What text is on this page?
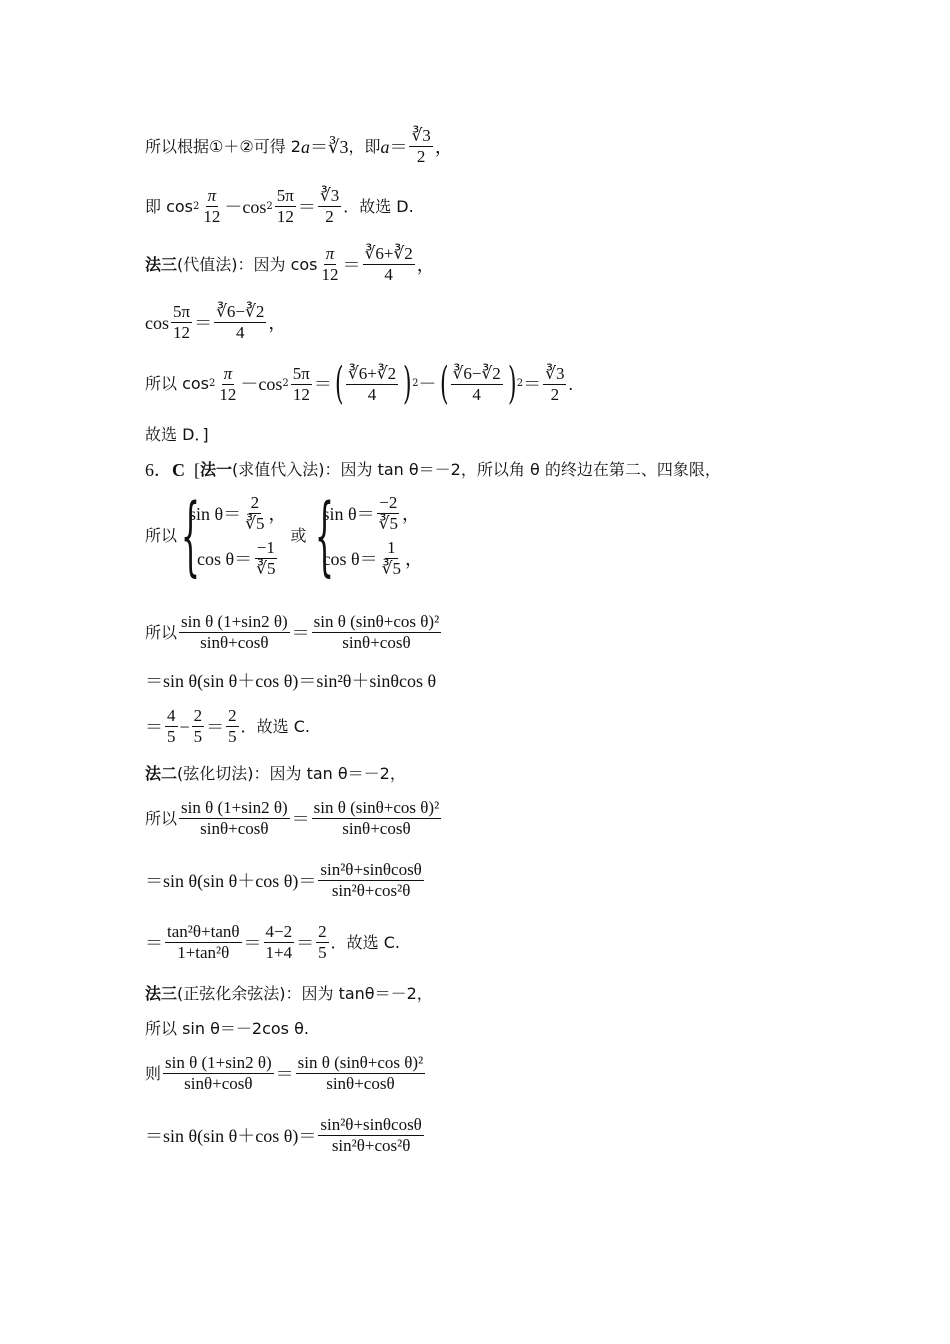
所以根据①＋②可得 2 a ＝ ∛3 ，即 $a = \frac{∛3}{2}$ ，
即 $\cos 2 \frac{\pi}{12} -\cos$ $2 \frac{5\pi}{12} = \frac{∛3}{2}$ ．故选 D.
法三 (代值法)：因为 $\cos \frac{\pi}{12} = \frac{∛6+∛2}{4}$ ，
$\cos \frac{5\pi}{12} = \frac{∛6-∛2}{4}$ ，
所以 $\cos 2 \frac{\pi}{12} -\cos$ $2 \frac{5\pi}{12}$ ＝ ( $\frac{∛6+∛2}{4}$ ) 2 － ( $\frac{∛6-∛2}{4}$ ) $2 = \frac{∛3}{2}$ .
故选 D．]
6． C [ 法一 (求值代入法)：因为 tan θ＝－2，所以角 θ 的终边在第二、四象限，
所以 {
$\sin \theta= \frac{2}{∛5}$ ，
$\cos \theta= \frac{-1}{∛5}$
或 {
$\sin \theta= \frac{-2}{∛5}$ ，
$\cos \theta= \frac{1}{∛5}$ ，
所以 $\frac{\text{sin θ (1+sin2 θ)}}{\sin\theta+\cos\theta} = \frac{\text{sin θ (sinθ+cos θ)²}}{\sin\theta+\cos\theta}$
＝sin θ(sin θ＋cos θ)＝sin²θ＋sinθcos θ
＝ $\frac{4}{5} - \frac{2}{5} = \frac{2}{5}$ ．故选 C.
法二 (弦化切法)：因为 tan θ＝－2，
所以 $\frac{\text{sin θ (1+sin2 θ)}}{\sin\theta+\cos\theta} = \frac{\text{sin θ (sinθ+cos θ)²}}{\sin\theta+\cos\theta}$
＝sin θ(sin θ＋cos $\theta)= \frac{\text{sin²θ+sinθcosθ}}{\text{sin²θ+cos²θ}}$
＝ $\frac{\text{tan²θ+tanθ}}{\text{1+tan²θ}} = \frac{4-2}{1+4} = \frac{2}{5}$ ．故选 C.
法三 (正弦化余弦法)：因为 tanθ＝－2，
所以 sin θ＝－2cos θ.
则 $\frac{\text{sin θ (1+sin2 θ)}}{\sin\theta+\cos\theta} = \frac{\text{sin θ (sinθ+cos θ)²}}{\sin\theta+\cos\theta}$
＝sin θ(sin θ＋cos $\theta)= \frac{\text{sin²θ+sinθcosθ}}{\text{sin²θ+cos²θ}}$
